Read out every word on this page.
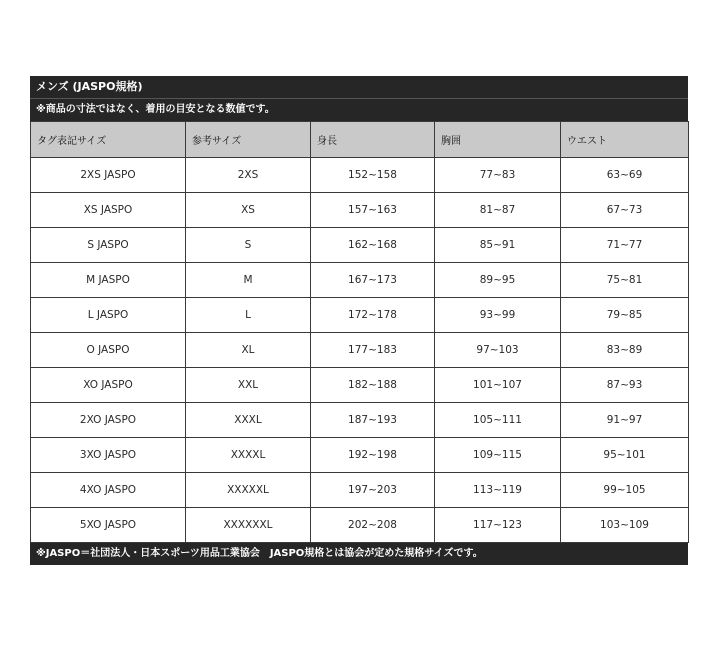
メンズ (JASPO規格)
※商品の寸法ではなく、着用の目安となる数値です。
タグ表記サイズ	参考サイズ	身長	胸囲	ウエスト
2XS JASPO	2XS	152~158	77~83	63~69
XS JASPO	XS	157~163	81~87	67~73
S JASPO	S	162~168	85~91	71~77
M JASPO	M	167~173	89~95	75~81
L JASPO	L	172~178	93~99	79~85
O JASPO	XL	177~183	97~103	83~89
XO JASPO	XXL	182~188	101~107	87~93
2XO JASPO	XXXL	187~193	105~111	91~97
3XO JASPO	XXXXL	192~198	109~115	95~101
4XO JASPO	XXXXXL	197~203	113~119	99~105
5XO JASPO	XXXXXXL	202~208	117~123	103~109
※JASPO＝社団法人・日本スポーツ用品工業協会　JASPO規格とは協会が定めた規格サイズです。
